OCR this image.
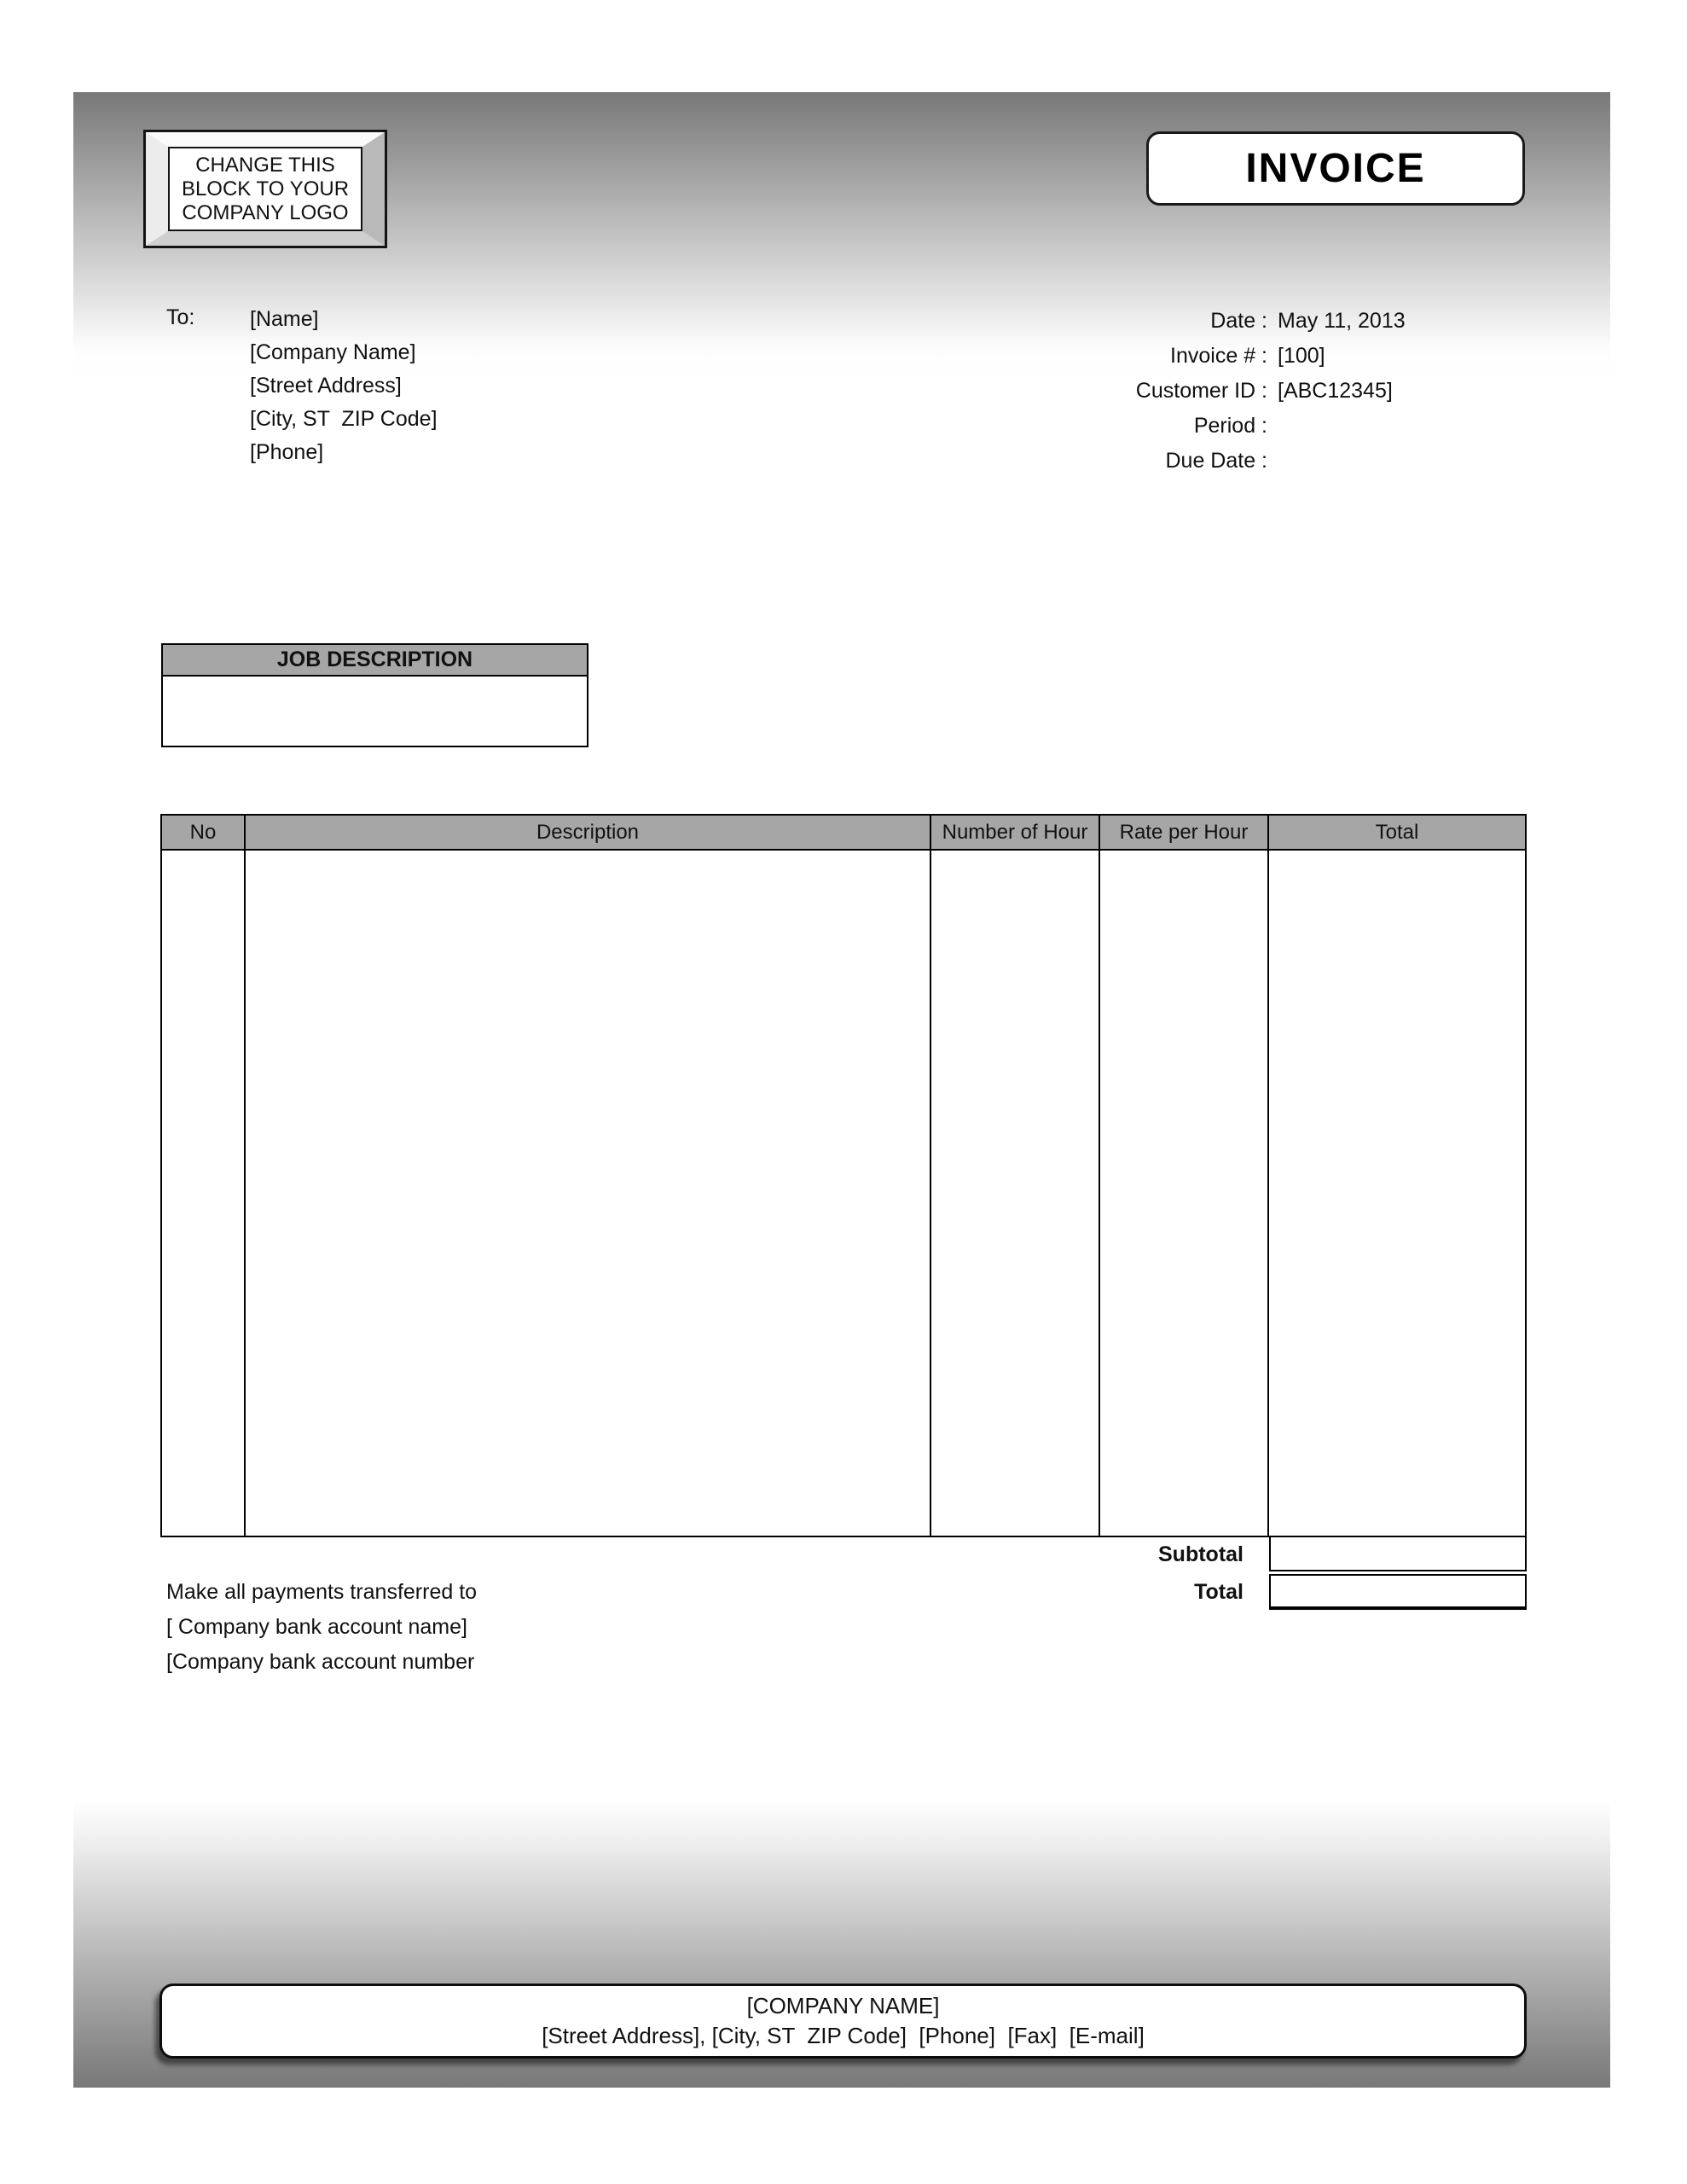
CHANGE THIS
BLOCK TO YOUR
COMPANY LOGO
INVOICE
To:	[Name]
[Company Name]
[Street Address]
[City, ST  ZIP Code]
[Phone]
Date : May 11, 2013
Invoice # : [100]
Customer ID : [ABC12345]
Period :
Due Date :
JOB DESCRIPTION
No	Description	Number of Hour	Rate per Hour	Total
Subtotal
Total
Make all payments transferred to
[ Company bank account name]
[Company bank account number
[COMPANY NAME]
[Street Address], [City, ST  ZIP Code]  [Phone]  [Fax]  [E-mail]
